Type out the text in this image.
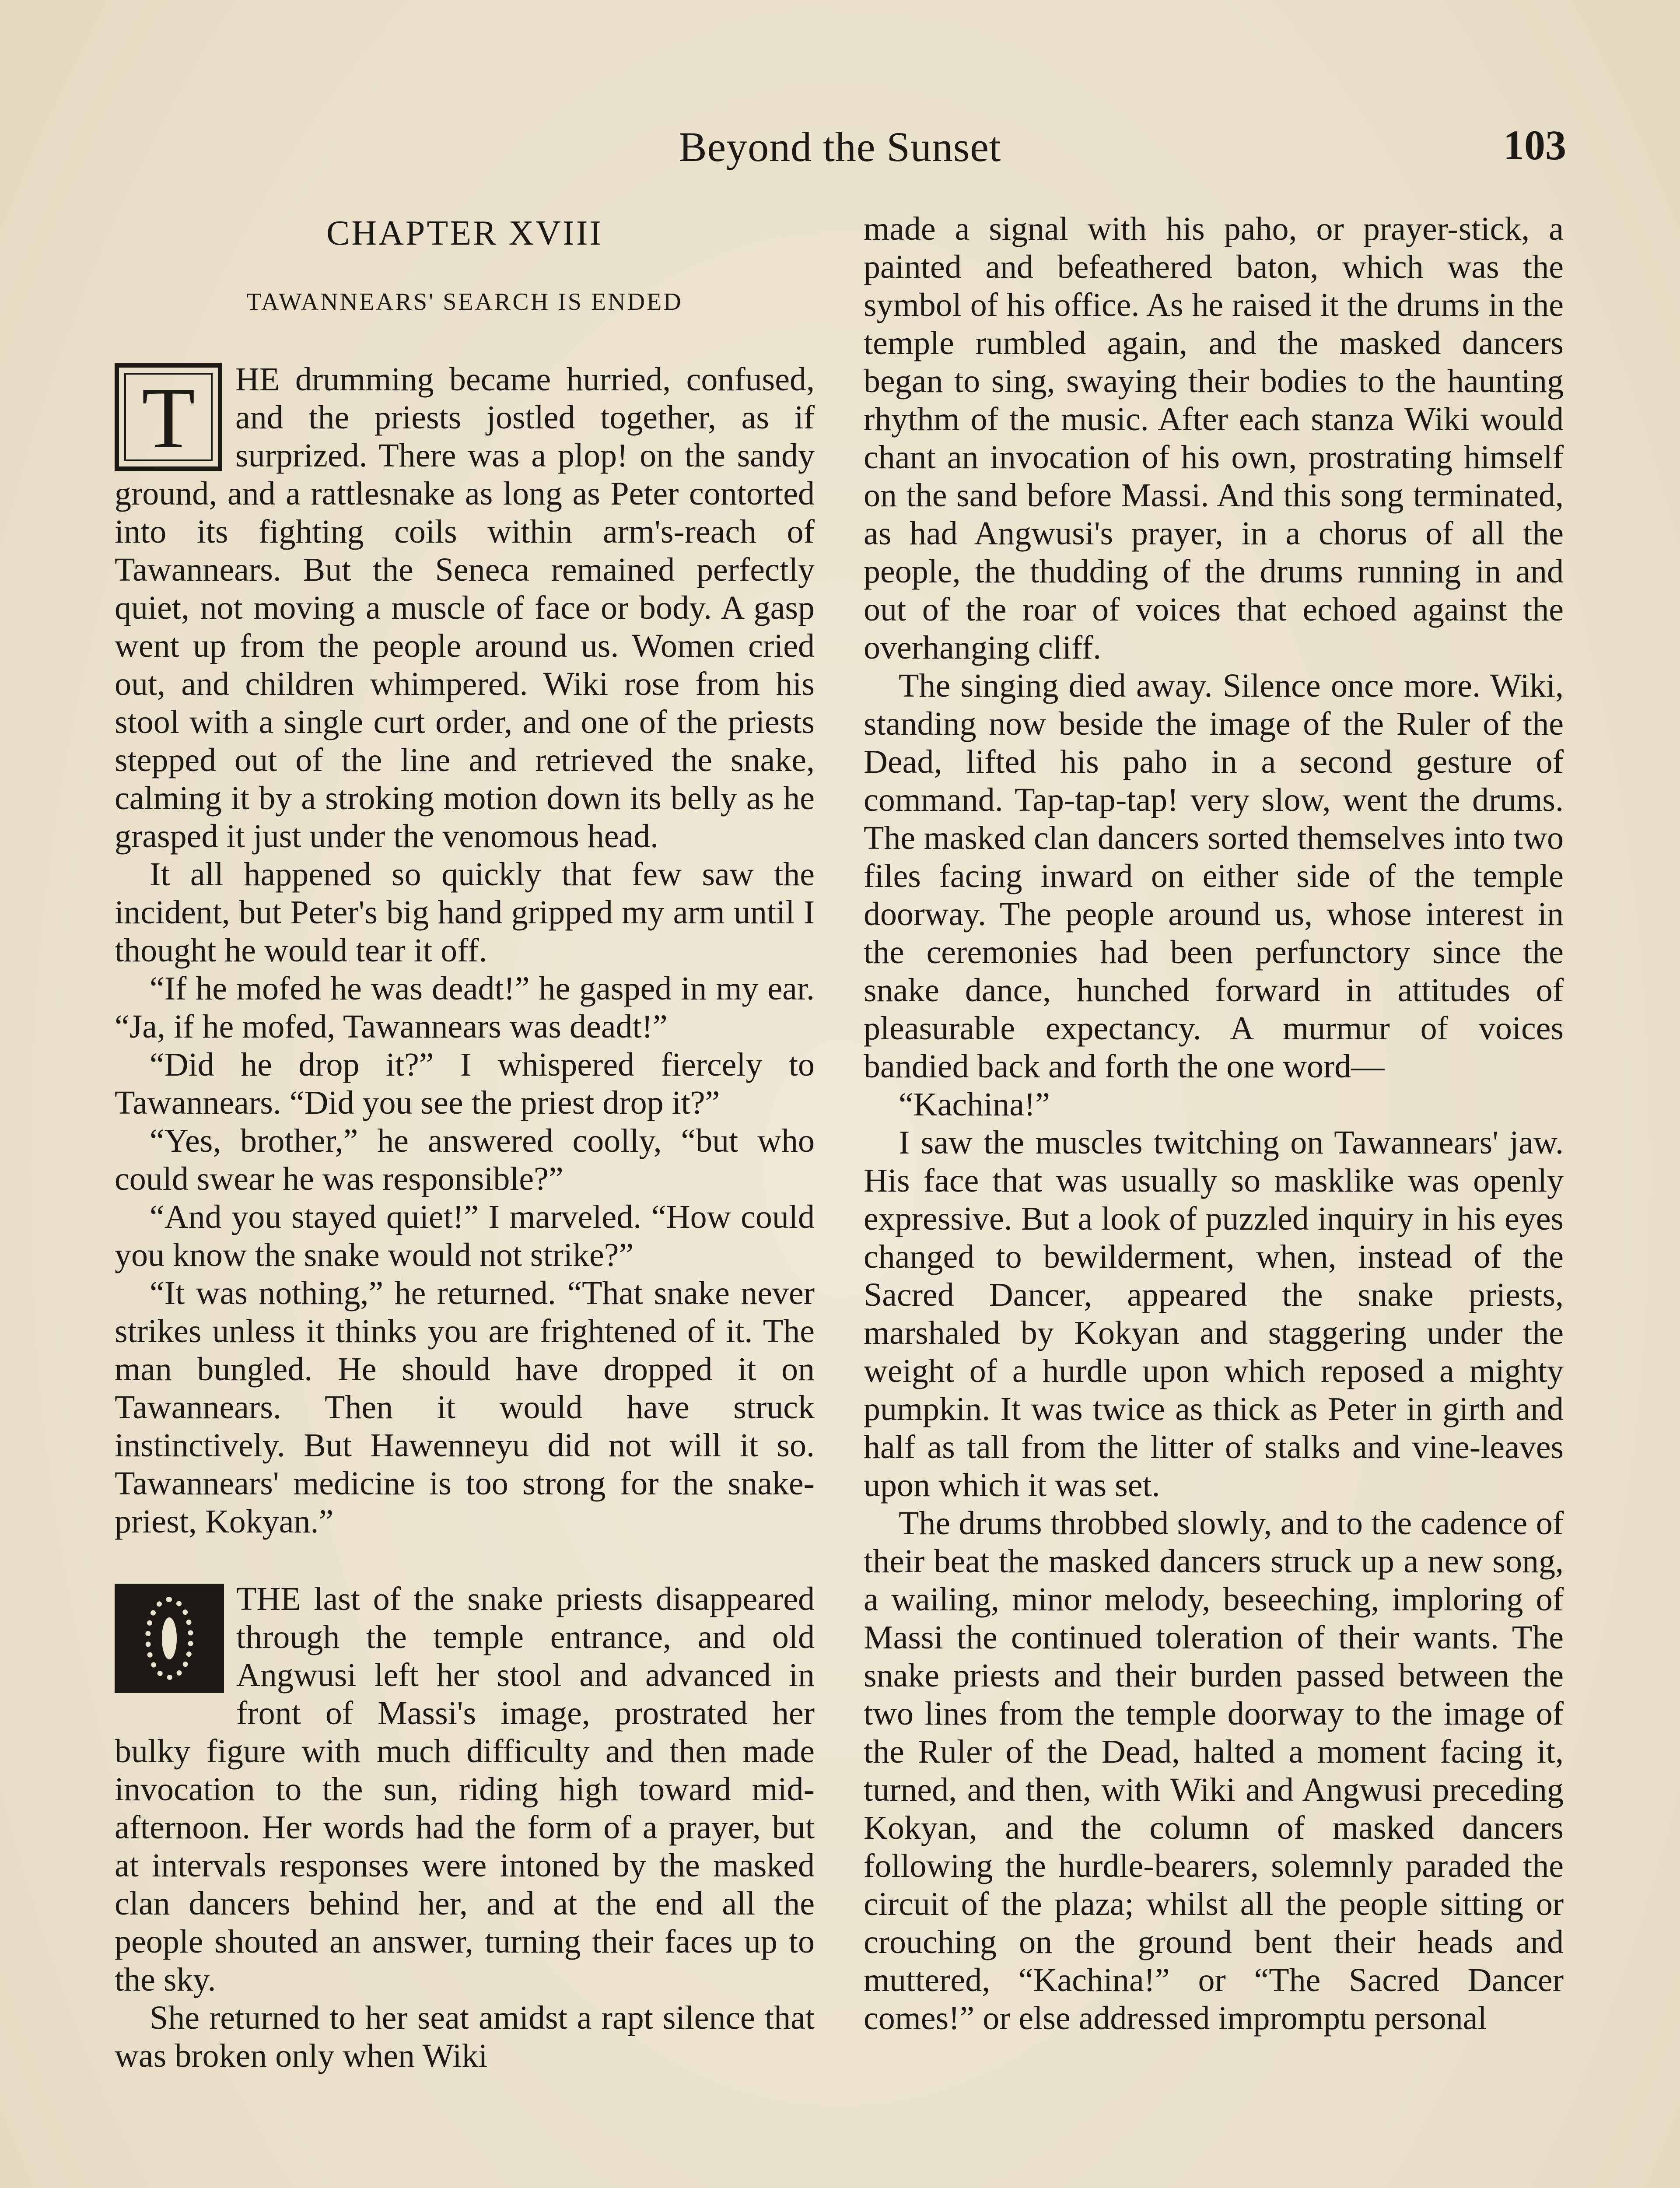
Beyond the Sunset	103
CHAPTER XVIII
TAWANNEARS' SEARCH IS ENDED

T HE drumming became hurried, confused, and the priests jostled together, as if surprized. There was a plop! on the sandy ground, and a rattlesnake as long as Peter contorted into its fighting coils within arm's-reach of Tawannears. But the Seneca remained perfectly quiet, not moving a muscle of face or body. A gasp went up from the people around us. Women cried out, and children whimpered. Wiki rose from his stool with a single curt order, and one of the priests stepped out of the line and retrieved the snake, calming it by a stroking motion down its belly as he grasped it just under the venomous head.

It all happened so quickly that few saw the incident, but Peter's big hand gripped my arm until I thought he would tear it off.

“If he mofed he was deadt!” he gasped in my ear. “Ja, if he mofed, Tawannears was deadt!”

“Did he drop it?” I whispered fiercely to Tawannears. “Did you see the priest drop it?”

“Yes, brother,” he answered coolly, “but who could swear he was responsible?”

“And you stayed quiet!” I marveled. “How could you know the snake would not strike?”

“It was nothing,” he returned. “That snake never strikes unless it thinks you are frightened of it. The man bungled. He should have dropped it on Tawannears. Then it would have struck instinctively. But Hawenneyu did not will it so. Tawannears' medicine is too strong for the snake-priest, Kokyan.”

THE last of the snake priests disappeared through the temple entrance, and old Angwusi left her stool and advanced in front of Massi's image, prostrated her bulky figure with much difficulty and then made invocation to the sun, riding high toward mid-afternoon. Her words had the form of a prayer, but at intervals responses were intoned by the masked clan dancers behind her, and at the end all the people shouted an answer, turning their faces up to the sky.

She returned to her seat amidst a rapt silence that was broken only when Wiki

made a signal with his paho, or prayer-stick, a painted and befeathered baton, which was the symbol of his office. As he raised it the drums in the temple rumbled again, and the masked dancers began to sing, swaying their bodies to the haunting rhythm of the music. After each stanza Wiki would chant an invocation of his own, prostrating himself on the sand before Massi. And this song terminated, as had Angwusi's prayer, in a chorus of all the people, the thudding of the drums running in and out of the roar of voices that echoed against the overhanging cliff.

The singing died away. Silence once more. Wiki, standing now beside the image of the Ruler of the Dead, lifted his paho in a second gesture of command. Tap-tap-tap! very slow, went the drums. The masked clan dancers sorted themselves into two files facing inward on either side of the temple doorway. The people around us, whose interest in the ceremonies had been perfunctory since the snake dance, hunched forward in attitudes of pleasurable expectancy. A murmur of voices bandied back and forth the one word—

“Kachina!”

I saw the muscles twitching on Tawannears' jaw. His face that was usually so masklike was openly expressive. But a look of puzzled inquiry in his eyes changed to bewilderment, when, instead of the Sacred Dancer, appeared the snake priests, marshaled by Kokyan and staggering under the weight of a hurdle upon which reposed a mighty pumpkin. It was twice as thick as Peter in girth and half as tall from the litter of stalks and vine-leaves upon which it was set.

The drums throbbed slowly, and to the cadence of their beat the masked dancers struck up a new song, a wailing, minor melody, beseeching, imploring of Massi the continued toleration of their wants. The snake priests and their burden passed between the two lines from the temple doorway to the image of the Ruler of the Dead, halted a moment facing it, turned, and then, with Wiki and Angwusi preceding Kokyan, and the column of masked dancers following the hurdle-bearers, solemnly paraded the circuit of the plaza; whilst all the people sitting or crouching on the ground bent their heads and muttered, “Kachina!” or “The Sacred Dancer comes!” or else addressed impromptu personal
